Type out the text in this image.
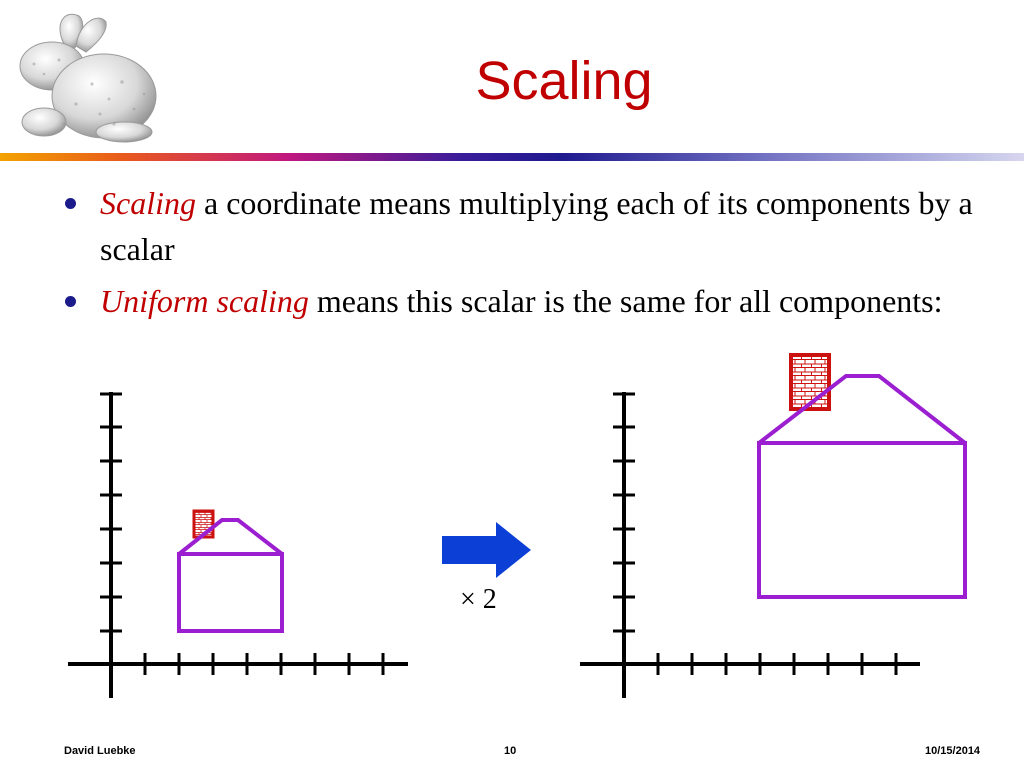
Scaling
Scaling a coordinate means multiplying each of its components by a scalar
Uniform scaling means this scalar is the same for all components:
× 2
David Luebke	10	10/15/2014
